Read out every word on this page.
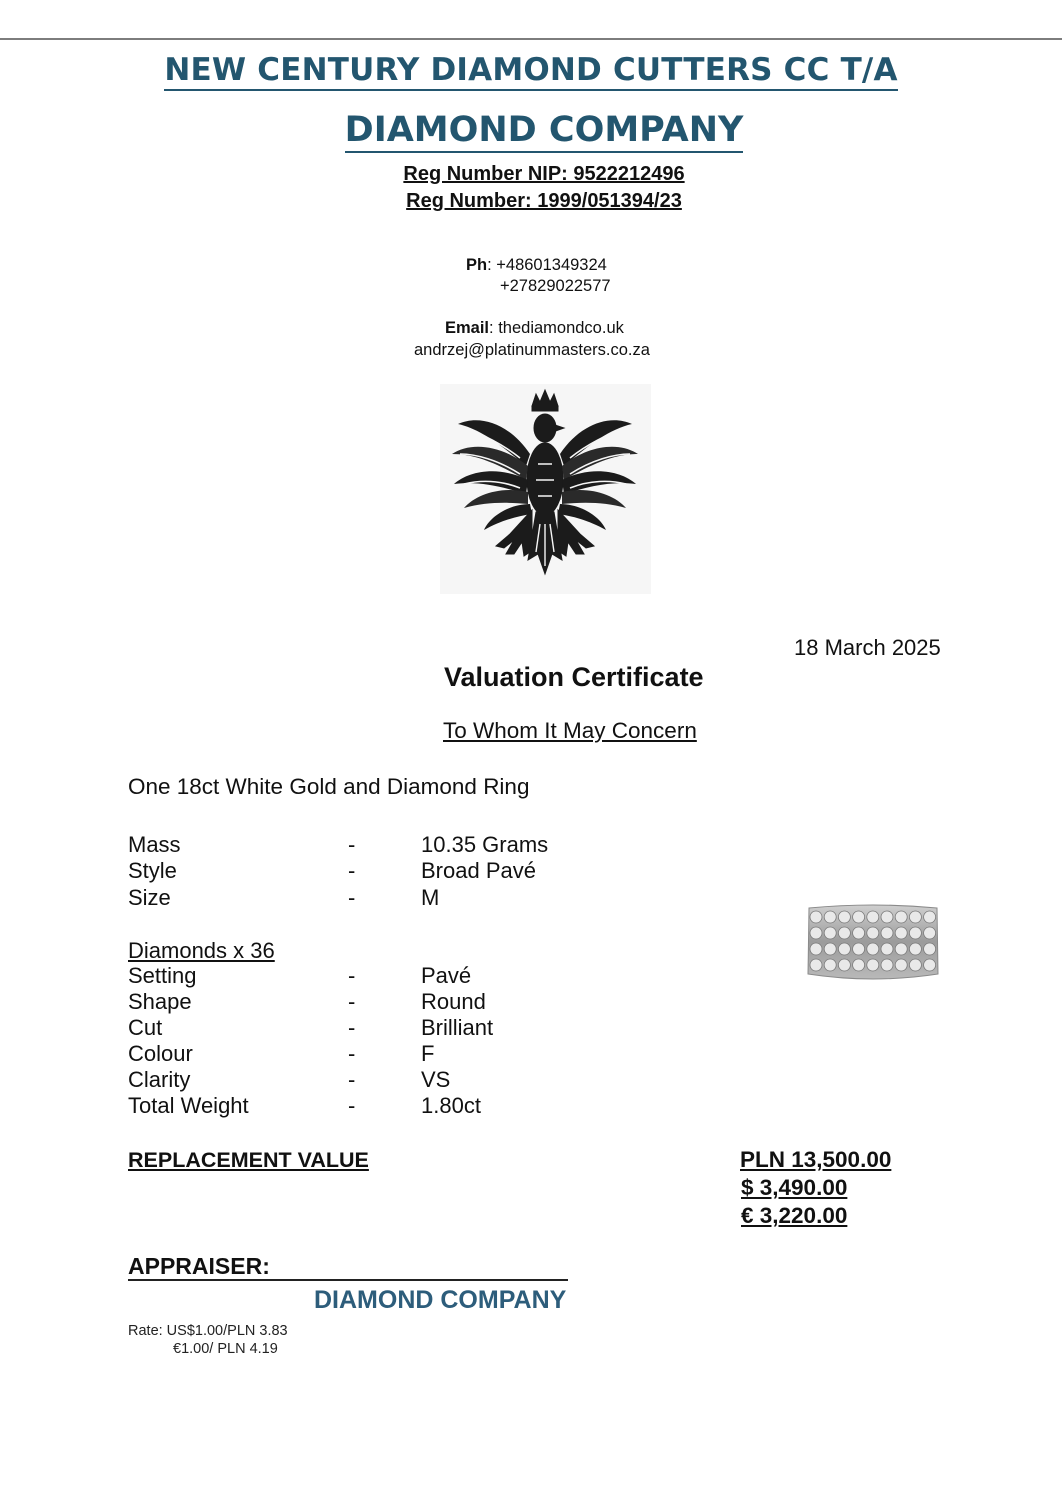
NEW CENTURY DIAMOND CUTTERS CC T/A
DIAMOND COMPANY
Reg Number NIP: 9522212496
Reg Number: 1999/051394/23
Ph: +48601349324
+27829022577
Email: thediamondco.uk
andrzej@platinummasters.co.za
18 March 2025
Valuation Certificate
To Whom It May Concern
One 18ct White Gold and Diamond Ring
Mass	-	10.35 Grams
Style	-	Broad Pavé
Size	-	M
Diamonds x 36
Setting	-	Pavé
Shape	-	Round
Cut	-	Brilliant
Colour	-	F
Clarity	-	VS
Total Weight	-	1.80ct
REPLACEMENT VALUE	PLN 13,500.00
$ 3,490.00
€ 3,220.00
APPRAISER:
DIAMOND COMPANY
Rate: US$1.00/PLN 3.83
€1.00/ PLN 4.19
